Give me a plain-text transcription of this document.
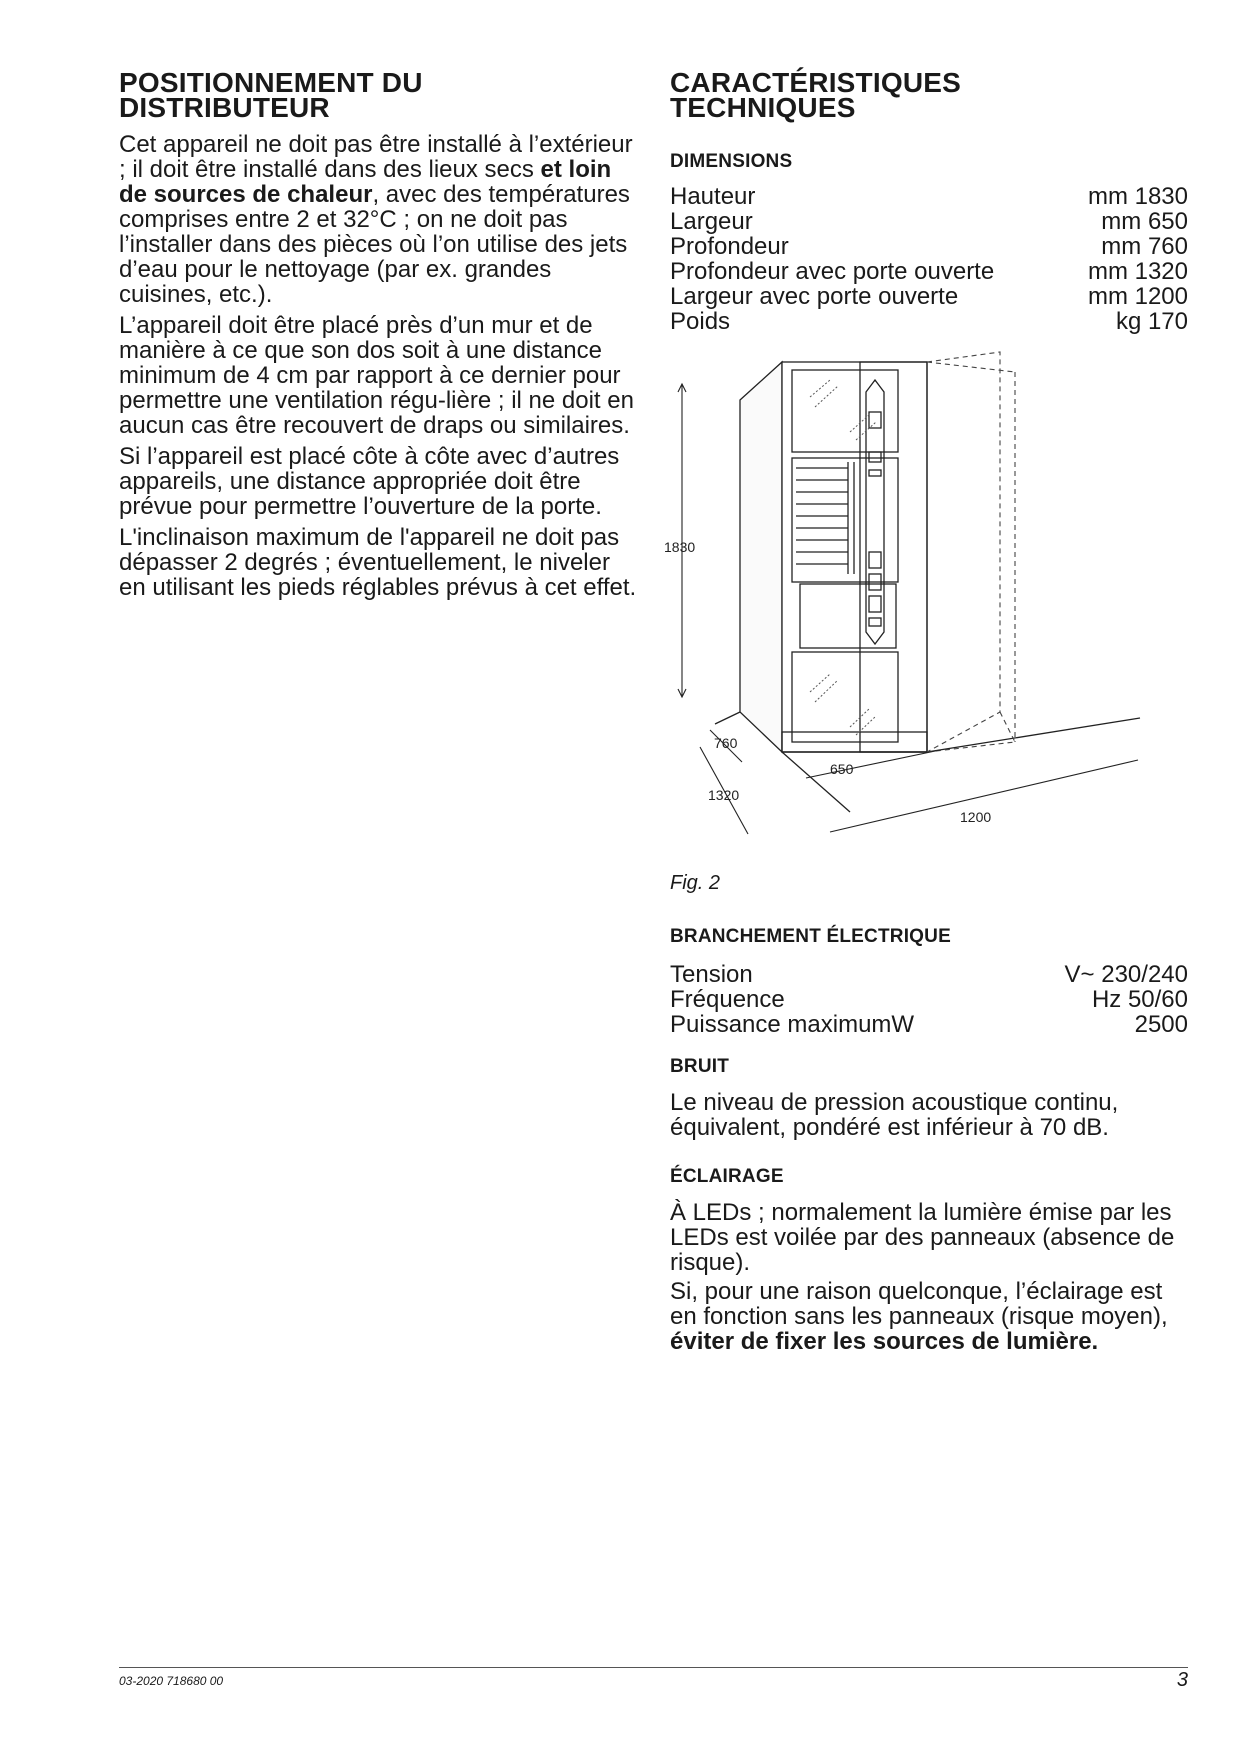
POSITIONNEMENT DU
DISTRIBUTEUR

Cet appareil ne doit pas être installé à l’extérieur ; il doit être installé dans des lieux secs et loin de sources de chaleur, avec des températures comprises entre 2 et 32°C ; on ne doit pas l’installer dans des pièces où l’on utilise des jets d’eau pour le nettoyage (par ex. grandes cuisines, etc.).

L’appareil doit être placé près d’un mur et de manière à ce que son dos soit à une distance minimum de 4 cm par rapport à ce dernier pour permettre une ventilation régu-lière ; il ne doit en aucun cas être recouvert de draps ou similaires.

Si l’appareil est placé côte à côte avec d’autres appareils, une distance appropriée doit être prévue pour permettre l’ouverture de la porte.

L'inclinaison maximum de l'appareil ne doit pas dépasser 2 degrés ; éventuellement, le niveler en utilisant les pieds réglables prévus à cet effet.

CARACTÉRISTIQUES
TECHNIQUES
DIMENSIONS
Hauteur	mm 1830
Largeur	mm 650
Profondeur	mm 760
Profondeur avec porte ouverte	mm 1320
Largeur avec porte ouverte	mm 1200
Poids	kg 170
1830
760
650
1320
1200
Fig. 2
BRANCHEMENT ÉLECTRIQUE
Tension	V~ 230/240
Fréquence	Hz 50/60
Puissance maximumW	2500
BRUIT

Le niveau de pression acoustique continu, équivalent, pondéré est inférieur à 70 dB.

ÉCLAIRAGE

À LEDs ; normalement la lumière émise par les LEDs est voilée par des panneaux (absence de risque).

Si, pour une raison quelconque, l’éclairage est en fonction sans les panneaux (risque moyen), éviter de fixer les sources de lumière.

03-2020 718680 00	3
